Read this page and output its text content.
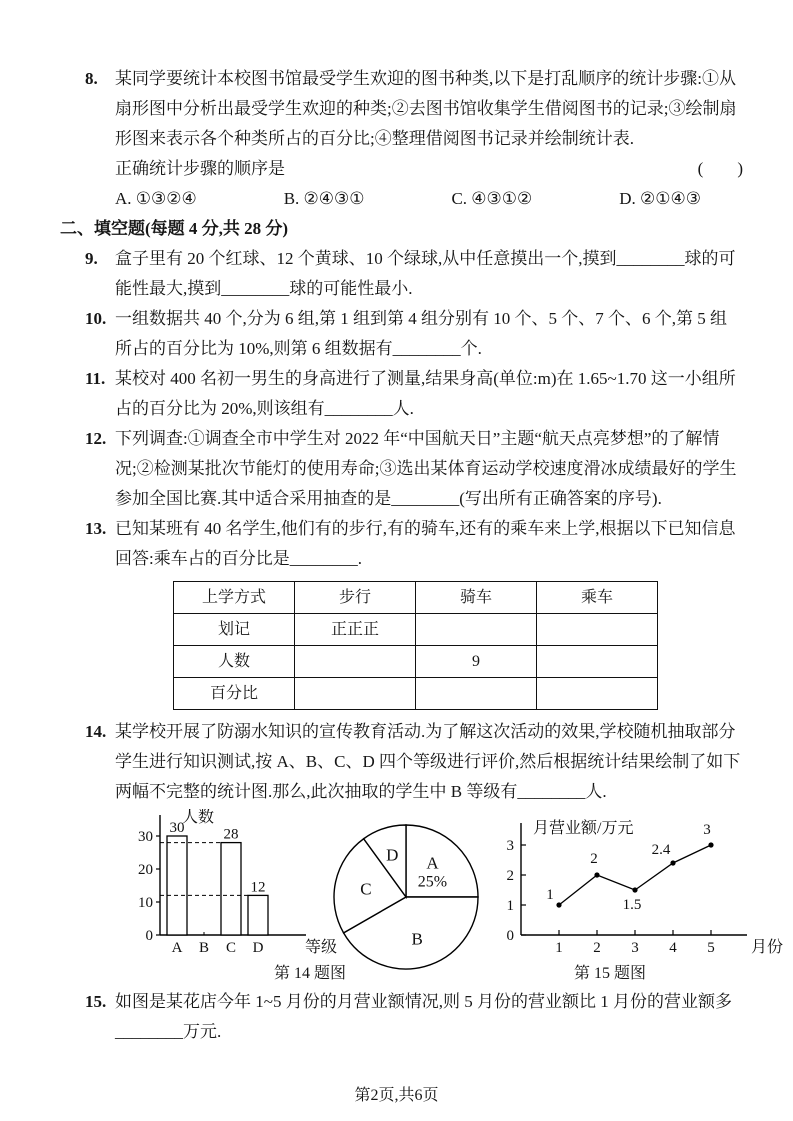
8. 某同学要统计本校图书馆最受学生欢迎的图书种类,以下是打乱顺序的统计步骤:①从扇形图中分析出最受学生欢迎的种类;②去图书馆收集学生借阅图书的记录;③绘制扇形图来表示各个种类所占的百分比;④整理借阅图书记录并绘制统计表.
正确统计步骤的顺序是	(　　)
A. ①③②④	B. ②④③①	C. ④③①②	D. ②①④③
二、填空题(每题 4 分,共 28 分)
9. 盒子里有 20 个红球、12 个黄球、10 个绿球,从中任意摸出一个,摸到________球的可能性最大,摸到________球的可能性最小.
10. 一组数据共 40 个,分为 6 组,第 1 组到第 4 组分别有 10 个、5 个、7 个、6 个,第 5 组所占的百分比为 10%,则第 6 组数据有________个.
11. 某校对 400 名初一男生的身高进行了测量,结果身高(单位:m)在 1.65~1.70 这一小组所占的百分比为 20%,则该组有________人.
12. 下列调查:①调查全市中学生对 2022 年“中国航天日”主题“航天点亮梦想”的了解情况;②检测某批次节能灯的使用寿命;③选出某体育运动学校速度滑冰成绩最好的学生参加全国比赛.其中适合采用抽查的是________(写出所有正确答案的序号).
13. 已知某班有 40 名学生,他们有的步行,有的骑车,还有的乘车来上学,根据以下已知信息回答:乘车占的百分比是________.
上学方式	步行	骑车	乘车
划记	正正正		
人数		9	
百分比			
14. 某学校开展了防溺水知识的宣传教育活动.为了解这次活动的效果,学校随机抽取部分学生进行知识测试,按 A、B、C、D 四个等级进行评价,然后根据统计结果绘制了如下两幅不完整的统计图.那么,此次抽取的学生中 B 等级有________人.
人数
等级
0
10
20
30
A
30
B C
28
D
12
A
25%
B
C
D
月营业额/万元
月份
0
1
2
3
1 2 3 4 5
1
2
1.5
2.4
3
第 14 题图	第 15 题图
15. 如图是某花店今年 1~5 月份的月营业额情况,则 5 月份的营业额比 1 月份的营业额多________万元.
第2页,共6页
